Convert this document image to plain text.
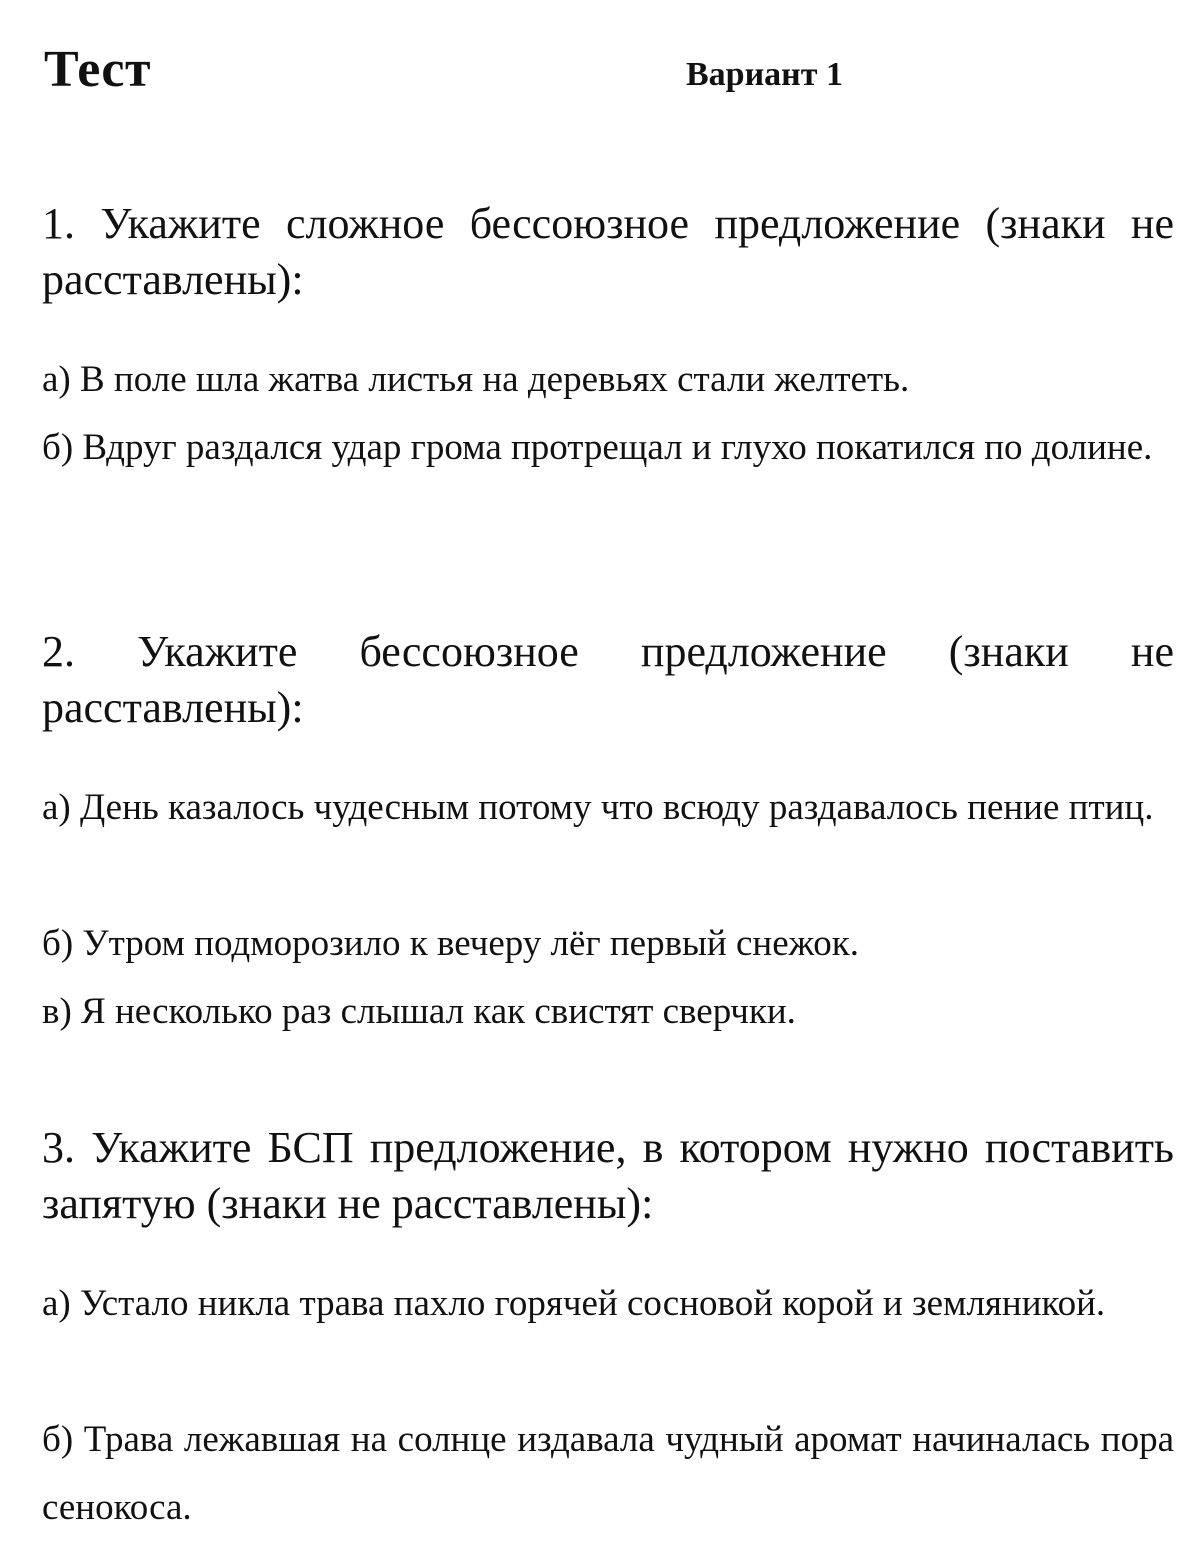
Тест	Вариант 1
1. Укажите сложное бессоюзное предложение (знаки не расставлены):
а) В поле шла жатва листья на деревьях стали желтеть.
б) Вдруг раздался удар грома протрещал и глухо покатился по долине.
2. Укажите бессоюзное предложение (знаки не расставлены):
а) День казалось чудесным потому что всюду раздавалось пение птиц.
б) Утром подморозило к вечеру лёг первый снежок.
в) Я несколько раз слышал как свистят сверчки.
3. Укажите БСП предложение, в котором нужно поставить запятую (знаки не расставлены):
а) Устало никла трава пахло горячей сосновой корой и земляникой.
б) Трава лежавшая на солнце издавала чудный аромат начиналась пора сенокоса.
